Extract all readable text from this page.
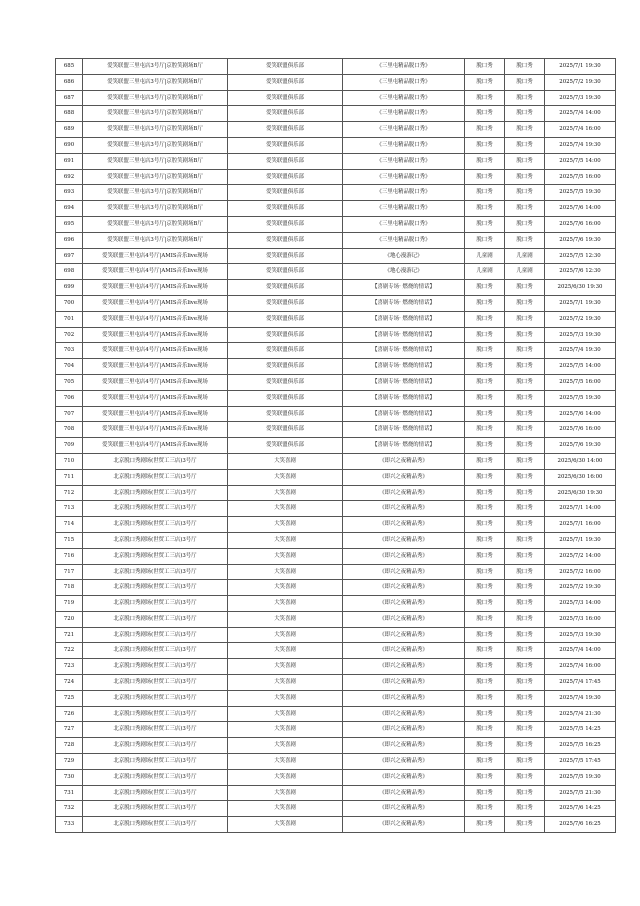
685	爱笑联盟三里屯店3号厅|京腔笑剧场B厅	爱笑联盟俱乐部	《三里屯精品脱口秀》	脱口秀	脱口秀	2025/7/1 19:30
686	爱笑联盟三里屯店3号厅|京腔笑剧场B厅	爱笑联盟俱乐部	《三里屯精品脱口秀》	脱口秀	脱口秀	2025/7/2 19:30
687	爱笑联盟三里屯店3号厅|京腔笑剧场B厅	爱笑联盟俱乐部	《三里屯精品脱口秀》	脱口秀	脱口秀	2025/7/3 19:30
688	爱笑联盟三里屯店3号厅|京腔笑剧场B厅	爱笑联盟俱乐部	《三里屯精品脱口秀》	脱口秀	脱口秀	2025/7/4 14:00
689	爱笑联盟三里屯店3号厅|京腔笑剧场B厅	爱笑联盟俱乐部	《三里屯精品脱口秀》	脱口秀	脱口秀	2025/7/4 16:00
690	爱笑联盟三里屯店3号厅|京腔笑剧场B厅	爱笑联盟俱乐部	《三里屯精品脱口秀》	脱口秀	脱口秀	2025/7/4 19:30
691	爱笑联盟三里屯店3号厅|京腔笑剧场B厅	爱笑联盟俱乐部	《三里屯精品脱口秀》	脱口秀	脱口秀	2025/7/5 14:00
692	爱笑联盟三里屯店3号厅|京腔笑剧场B厅	爱笑联盟俱乐部	《三里屯精品脱口秀》	脱口秀	脱口秀	2025/7/5 16:00
693	爱笑联盟三里屯店3号厅|京腔笑剧场B厅	爱笑联盟俱乐部	《三里屯精品脱口秀》	脱口秀	脱口秀	2025/7/5 19:30
694	爱笑联盟三里屯店3号厅|京腔笑剧场B厅	爱笑联盟俱乐部	《三里屯精品脱口秀》	脱口秀	脱口秀	2025/7/6 14:00
695	爱笑联盟三里屯店3号厅|京腔笑剧场B厅	爱笑联盟俱乐部	《三里屯精品脱口秀》	脱口秀	脱口秀	2025/7/6 16:00
696	爱笑联盟三里屯店3号厅|京腔笑剧场B厅	爱笑联盟俱乐部	《三里屯精品脱口秀》	脱口秀	脱口秀	2025/7/6 19:30
697	爱笑联盟三里屯店4号厅|AMIS音乐live现场	爱笑联盟俱乐部	《地心漫游记》	儿童剧	儿童剧	2025/7/5 12:30
698	爱笑联盟三里屯店4号厅|AMIS音乐live现场	爱笑联盟俱乐部	《地心漫游记》	儿童剧	儿童剧	2025/7/6 12:30
699	爱笑联盟三里屯店4号厅|AMIS音乐live现场	爱笑联盟俱乐部	【喜剧专场· 燃烧的情话】	脱口秀	脱口秀	2025/6/30 19:30
700	爱笑联盟三里屯店4号厅|AMIS音乐live现场	爱笑联盟俱乐部	【喜剧专场· 燃烧的情话】	脱口秀	脱口秀	2025/7/1 19:30
701	爱笑联盟三里屯店4号厅|AMIS音乐live现场	爱笑联盟俱乐部	【喜剧专场· 燃烧的情话】	脱口秀	脱口秀	2025/7/2 19:30
702	爱笑联盟三里屯店4号厅|AMIS音乐live现场	爱笑联盟俱乐部	【喜剧专场· 燃烧的情话】	脱口秀	脱口秀	2025/7/3 19:30
703	爱笑联盟三里屯店4号厅|AMIS音乐live现场	爱笑联盟俱乐部	【喜剧专场· 燃烧的情话】	脱口秀	脱口秀	2025/7/4 19:30
704	爱笑联盟三里屯店4号厅|AMIS音乐live现场	爱笑联盟俱乐部	【喜剧专场· 燃烧的情话】	脱口秀	脱口秀	2025/7/5 14:00
705	爱笑联盟三里屯店4号厅|AMIS音乐live现场	爱笑联盟俱乐部	【喜剧专场· 燃烧的情话】	脱口秀	脱口秀	2025/7/5 16:00
706	爱笑联盟三里屯店4号厅|AMIS音乐live现场	爱笑联盟俱乐部	【喜剧专场· 燃烧的情话】	脱口秀	脱口秀	2025/7/5 19:30
707	爱笑联盟三里屯店4号厅|AMIS音乐live现场	爱笑联盟俱乐部	【喜剧专场· 燃烧的情话】	脱口秀	脱口秀	2025/7/6 14:00
708	爱笑联盟三里屯店4号厅|AMIS音乐live现场	爱笑联盟俱乐部	【喜剧专场· 燃烧的情话】	脱口秀	脱口秀	2025/7/6 16:00
709	爱笑联盟三里屯店4号厅|AMIS音乐live现场	爱笑联盟俱乐部	【喜剧专场· 燃烧的情话】	脱口秀	脱口秀	2025/7/6 19:30
710	北京脱口秀剧场(世贸工三店)3号厅	大笑喜剧	《即兴之夜精品秀》	脱口秀	脱口秀	2025/6/30 14:00
711	北京脱口秀剧场(世贸工三店)3号厅	大笑喜剧	《即兴之夜精品秀》	脱口秀	脱口秀	2025/6/30 16:00
712	北京脱口秀剧场(世贸工三店)3号厅	大笑喜剧	《即兴之夜精品秀》	脱口秀	脱口秀	2025/6/30 19:30
713	北京脱口秀剧场(世贸工三店)3号厅	大笑喜剧	《即兴之夜精品秀》	脱口秀	脱口秀	2025/7/1 14:00
714	北京脱口秀剧场(世贸工三店)3号厅	大笑喜剧	《即兴之夜精品秀》	脱口秀	脱口秀	2025/7/1 16:00
715	北京脱口秀剧场(世贸工三店)3号厅	大笑喜剧	《即兴之夜精品秀》	脱口秀	脱口秀	2025/7/1 19:30
716	北京脱口秀剧场(世贸工三店)3号厅	大笑喜剧	《即兴之夜精品秀》	脱口秀	脱口秀	2025/7/2 14:00
717	北京脱口秀剧场(世贸工三店)3号厅	大笑喜剧	《即兴之夜精品秀》	脱口秀	脱口秀	2025/7/2 16:00
718	北京脱口秀剧场(世贸工三店)3号厅	大笑喜剧	《即兴之夜精品秀》	脱口秀	脱口秀	2025/7/2 19:30
719	北京脱口秀剧场(世贸工三店)3号厅	大笑喜剧	《即兴之夜精品秀》	脱口秀	脱口秀	2025/7/3 14:00
720	北京脱口秀剧场(世贸工三店)3号厅	大笑喜剧	《即兴之夜精品秀》	脱口秀	脱口秀	2025/7/3 16:00
721	北京脱口秀剧场(世贸工三店)3号厅	大笑喜剧	《即兴之夜精品秀》	脱口秀	脱口秀	2025/7/3 19:30
722	北京脱口秀剧场(世贸工三店)3号厅	大笑喜剧	《即兴之夜精品秀》	脱口秀	脱口秀	2025/7/4 14:00
723	北京脱口秀剧场(世贸工三店)3号厅	大笑喜剧	《即兴之夜精品秀》	脱口秀	脱口秀	2025/7/4 16:00
724	北京脱口秀剧场(世贸工三店)3号厅	大笑喜剧	《即兴之夜精品秀》	脱口秀	脱口秀	2025/7/4 17:45
725	北京脱口秀剧场(世贸工三店)3号厅	大笑喜剧	《即兴之夜精品秀》	脱口秀	脱口秀	2025/7/4 19:30
726	北京脱口秀剧场(世贸工三店)3号厅	大笑喜剧	《即兴之夜精品秀》	脱口秀	脱口秀	2025/7/4 21:30
727	北京脱口秀剧场(世贸工三店)3号厅	大笑喜剧	《即兴之夜精品秀》	脱口秀	脱口秀	2025/7/5 14:25
728	北京脱口秀剧场(世贸工三店)3号厅	大笑喜剧	《即兴之夜精品秀》	脱口秀	脱口秀	2025/7/5 16:25
729	北京脱口秀剧场(世贸工三店)3号厅	大笑喜剧	《即兴之夜精品秀》	脱口秀	脱口秀	2025/7/5 17:45
730	北京脱口秀剧场(世贸工三店)3号厅	大笑喜剧	《即兴之夜精品秀》	脱口秀	脱口秀	2025/7/5 19:30
731	北京脱口秀剧场(世贸工三店)3号厅	大笑喜剧	《即兴之夜精品秀》	脱口秀	脱口秀	2025/7/5 21:30
732	北京脱口秀剧场(世贸工三店)3号厅	大笑喜剧	《即兴之夜精品秀》	脱口秀	脱口秀	2025/7/6 14:25
733	北京脱口秀剧场(世贸工三店)3号厅	大笑喜剧	《即兴之夜精品秀》	脱口秀	脱口秀	2025/7/6 16:25
